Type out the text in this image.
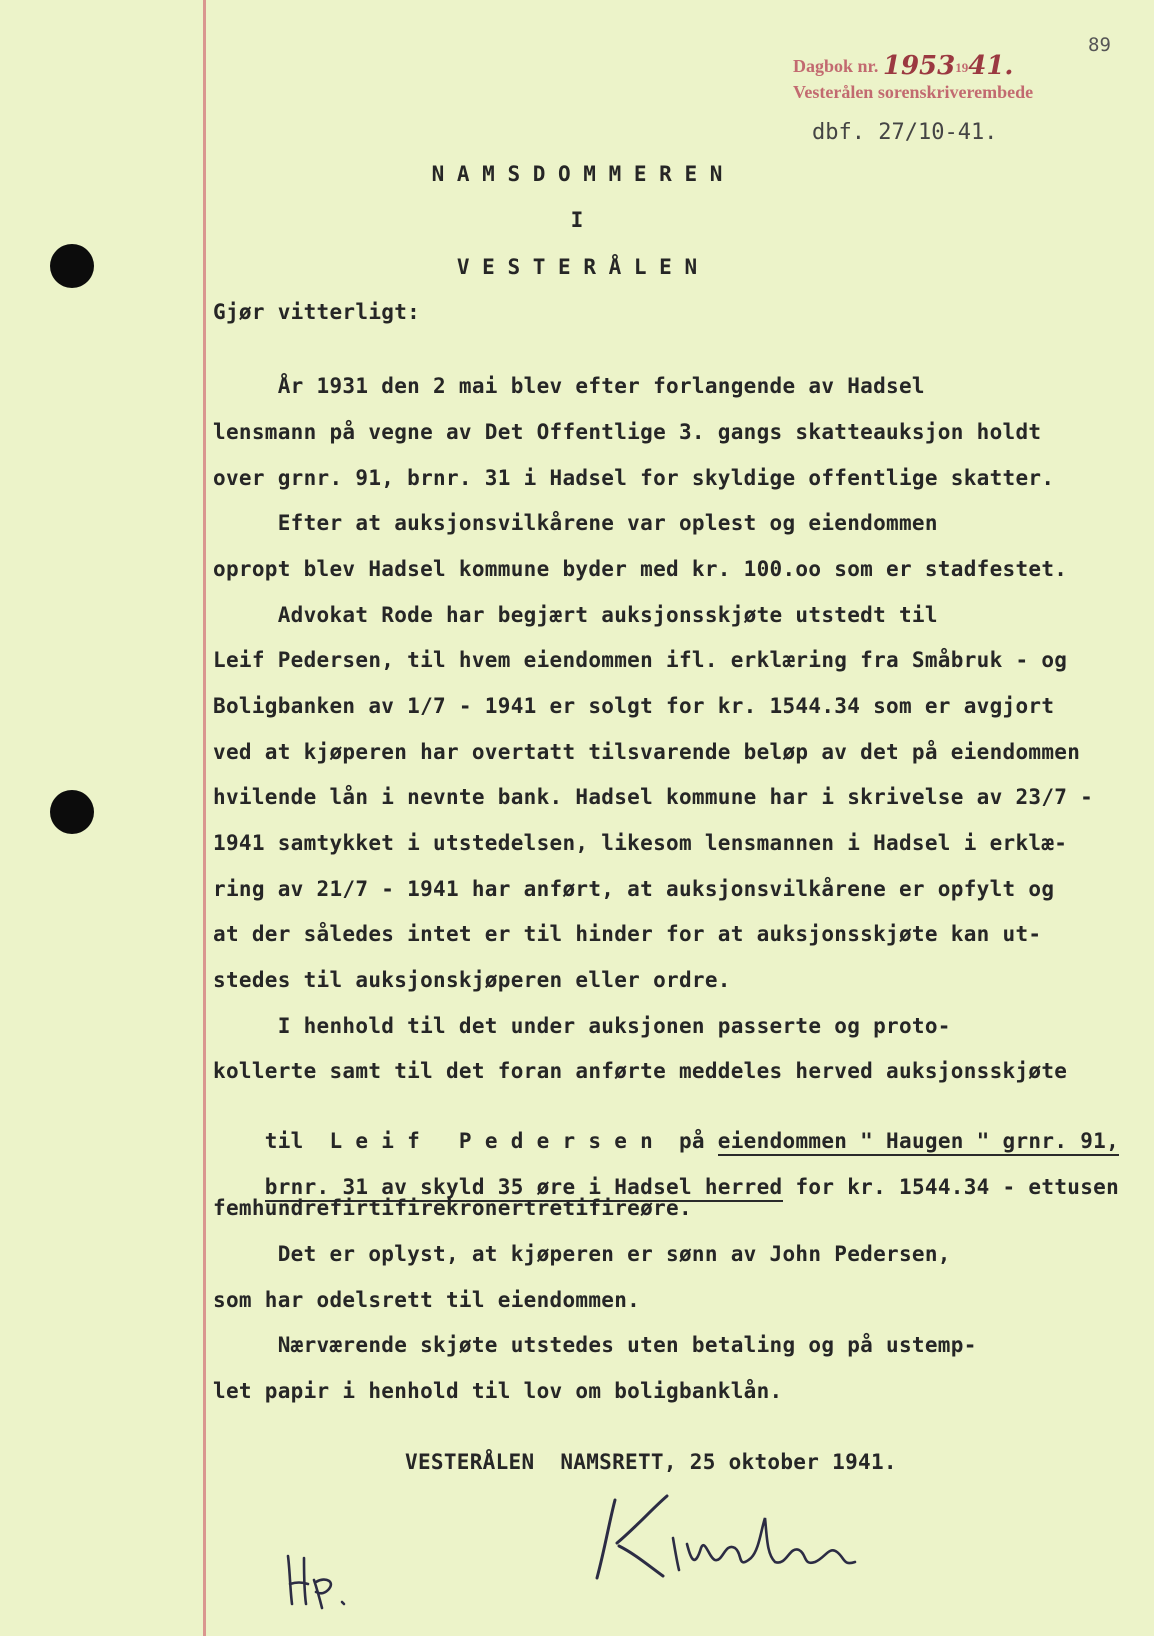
89
Dagbok nr. 19531941.
Vesterålen sorenskriverembede
dbf. 27/10-41.
N A M S D O M M E R E N
I
V E S T E R Å L E N
Gjør vitterligt:
År 1931 den 2 mai blev efter forlangende av Hadsel
lensmann på vegne av Det Offentlige 3. gangs skatteauksjon holdt
over grnr. 91, brnr. 31 i Hadsel for skyldige offentlige skatter.
Efter at auksjonsvilkårene var oplest og eiendommen
opropt blev Hadsel kommune byder med kr. 100.oo som er stadfestet.
Advokat Rode har begjært auksjonsskjøte utstedt til
Leif Pedersen, til hvem eiendommen ifl. erklæring fra Småbruk - og
Boligbanken av 1/7 - 1941 er solgt for kr. 1544.34 som er avgjort
ved at kjøperen har overtatt tilsvarende beløp av det på eiendommen
hvilende lån i nevnte bank. Hadsel kommune har i skrivelse av 23/7 -
1941 samtykket i utstedelsen, likesom lensmannen i Hadsel i erklæ-
ring av 21/7 - 1941 har anført, at auksjonsvilkårene er opfylt og
at der således intet er til hinder for at auksjonsskjøte kan ut-
stedes til auksjonskjøperen eller ordre.
I henhold til det under auksjonen passerte og proto-
kollerte samt til det foran anførte meddeles herved auksjonsskjøte

til  L e i f   P e d e r s e n  på eiendommen " Haugen " grnr. 91,

brnr. 31 av skyld 35 øre i Hadsel herred for kr. 1544.34 - ettusen

femhundrefirtifirekronertretifireøre.
Det er oplyst, at kjøperen er sønn av John Pedersen,
som har odelsrett til eiendommen.
Nærværende skjøte utstedes uten betaling og på ustemp-
let papir i henhold til lov om boligbanklån.
VESTERÅLEN  NAMSRETT, 25 oktober 1941.
